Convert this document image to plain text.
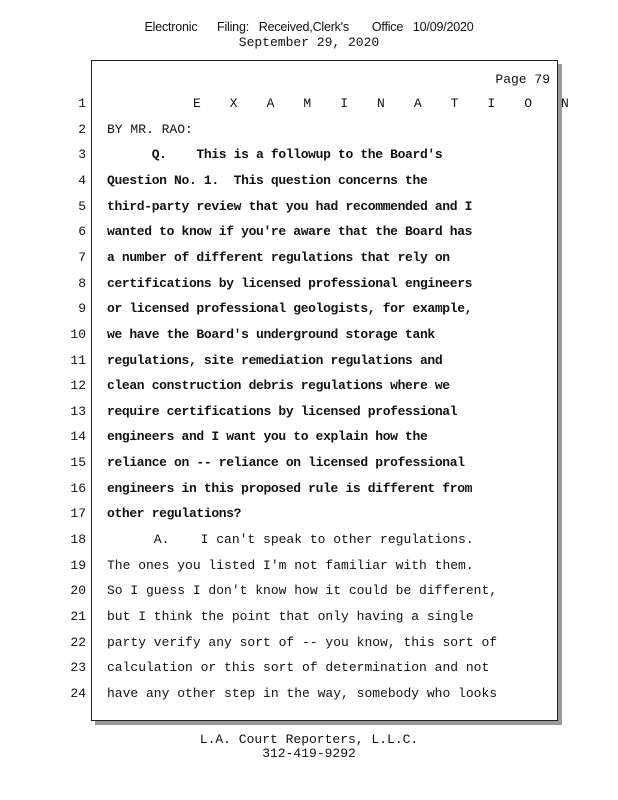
Electronic      Filing:   Received,Clerk's       Office   10/09/2020
September 29, 2020
Page 79
1	E X A M I N A T I O N
2 BY MR. RAO:
3 Q.    This is a followup to the Board's
4 Question No. 1.  This question concerns the
5 third-party review that you had recommended and I
6 wanted to know if you're aware that the Board has
7 a number of different regulations that rely on
8 certifications by licensed professional engineers
9 or licensed professional geologists, for example,
10 we have the Board's underground storage tank
11 regulations, site remediation regulations and
12 clean construction debris regulations where we
13 require certifications by licensed professional
14 engineers and I want you to explain how the
15 reliance on -- reliance on licensed professional
16 engineers in this proposed rule is different from
17 other regulations?
18 A.    I can't speak to other regulations.
19 The ones you listed I'm not familiar with them.
20 So I guess I don't know how it could be different,
21 but I think the point that only having a single
22 party verify any sort of -- you know, this sort of
23 calculation or this sort of determination and not
24 have any other step in the way, somebody who looks
L.A. Court Reporters, L.L.C.
312-419-9292
